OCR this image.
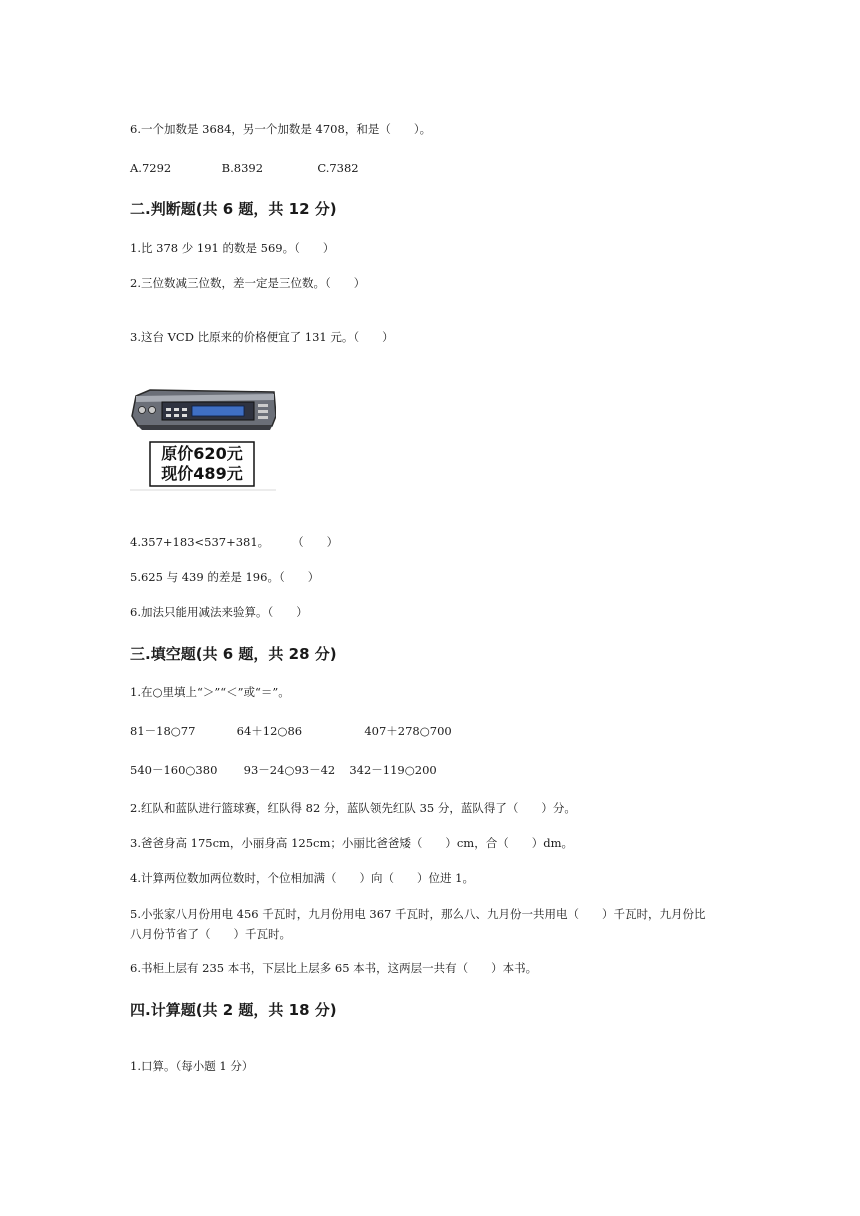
6.一个加数是 3684，另一个加数是 4708，和是（　　）。

A.7292	B.8392	C.7382

二.判断题(共 6 题，共 12 分)

1.比 378 少 191 的数是 569。（　　）

2.三位数减三位数，差一定是三位数。（　　）

3.这台 VCD 比原来的价格便宜了 131 元。（　　）

原价620元
现价489元

4.357+183<537+381。　　　（　　）

5.625 与 439 的差是 196。（　　）

6.加法只能用减法来验算。（　　）

三.填空题(共 6 题，共 28 分)

1.在○里填上“＞”“＜”或“＝”。

81－18○77	64＋12○86	407＋278○700
540－160○380 93－24○93－42 342－119○200

2.红队和蓝队进行篮球赛，红队得 82 分，蓝队领先红队 35 分，蓝队得了（　　）分。

3.爸爸身高 175cm，小丽身高 125cm；小丽比爸爸矮（　　）cm，合（　　）dm。

4.计算两位数加两位数时，个位相加满（　　）向（　　）位进 1。

5.小张家八月份用电 456 千瓦时，九月份用电 367 千瓦时，那么八、九月份一共用电（　　）千瓦时，九月份比八月份节省了（　　）千瓦时。

6.书柜上层有 235 本书，下层比上层多 65 本书，这两层一共有（　　）本书。

四.计算题(共 2 题，共 18 分)

1.口算。（每小题 1 分）
